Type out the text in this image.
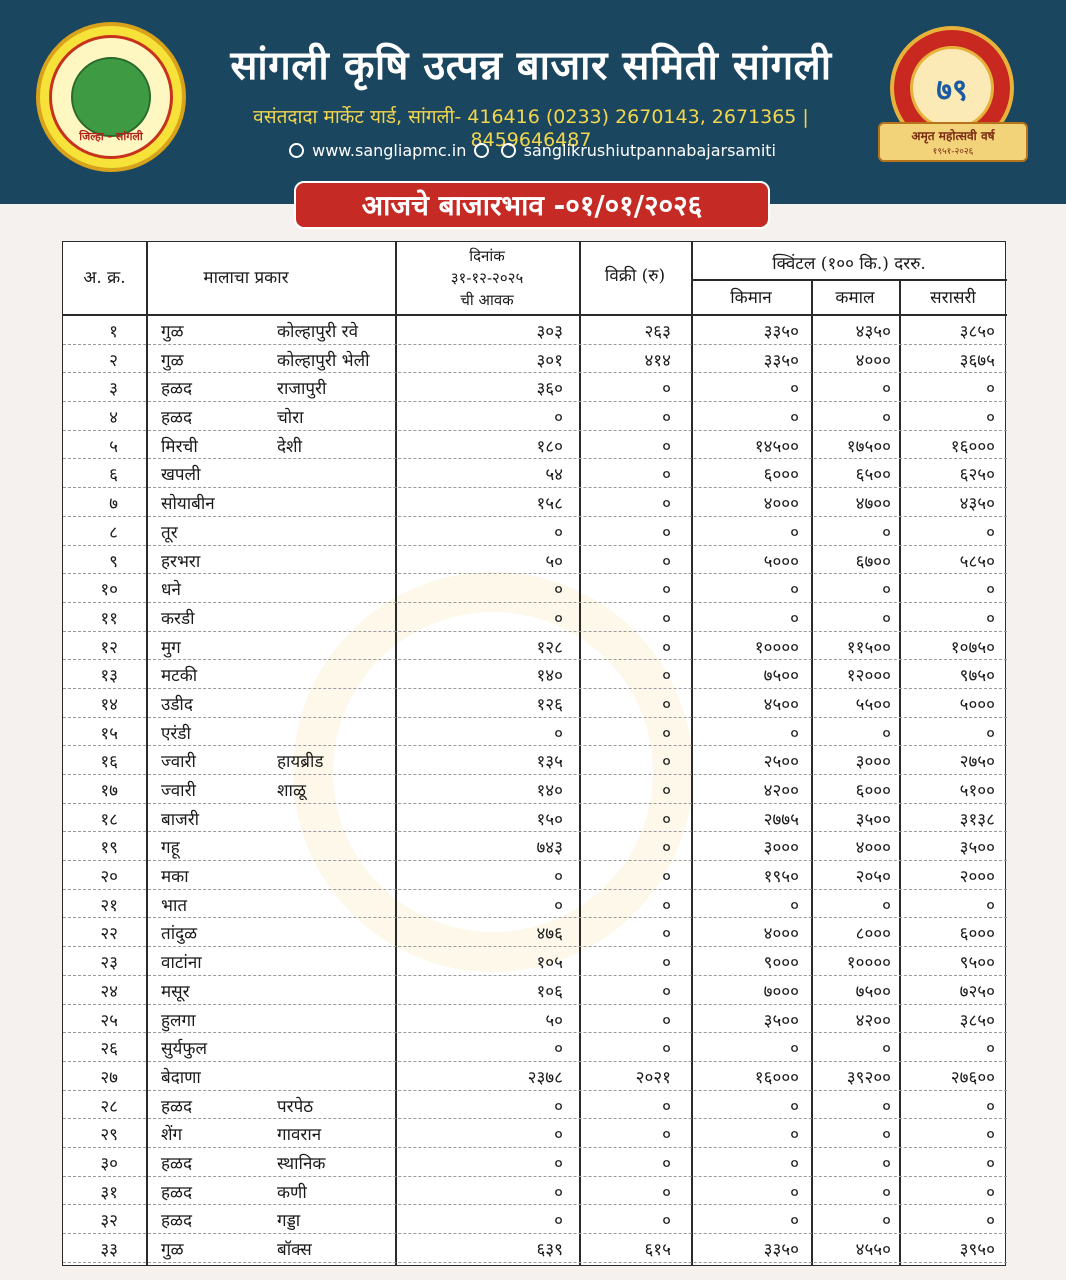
जिल्हा - सांगली
सांगली कृषि उत्पन्न बाजार समिती सांगली
वसंतदादा मार्केट यार्ड, सांगली- 416416 (0233) 2670143, 2671365 | 8459646487
www.sangliapmc.in	sanglikrushiutpannabajarsamiti
७९
अमृत महोत्सवी वर्ष
१९५१-२०२६
आजचे बाजारभाव -०१/०१/२०२६
अ. क्र.	मालाचा प्रकार
दिनांक
३१-१२-२०२५
ची आवक
विक्री (रु)
क्विंटल (१०० कि.) दररु.
किमान	कमाल	सरासरी
१	गुळ	कोल्हापुरी रवे	३०३	२६३	३३५०	४३५०	३८५०
२	गुळ	कोल्हापुरी भेली	३०१	४१४	३३५०	४०००	३६७५
३	हळद	राजापुरी	३६०	०	०	०	०
४	हळद	चोरा	०	०	०	०	०
५	मिरची	देशी	१८०	०	१४५००	१७५००	१६०००
६	खपली	५४	०	६०००	६५००	६२५०
७	सोयाबीन	१५८	०	४०००	४७००	४३५०
८	तूर	०	०	०	०	०
९	हरभरा	५०	०	५०००	६७००	५८५०
१०	धने	०	०	०	०	०
११	करडी	०	०	०	०	०
१२	मुग	१२८	०	१००००	११५००	१०७५०
१३	मटकी	१४०	०	७५००	१२०००	९७५०
१४	उडीद	१२६	०	४५००	५५००	५०००
१५	एरंडी	०	०	०	०	०
१६	ज्वारी	हायब्रीड	१३५	०	२५००	३०००	२७५०
१७	ज्वारी	शाळू	१४०	०	४२००	६०००	५१००
१८	बाजरी	१५०	०	२७७५	३५००	३१३८
१९	गहू	७४३	०	३०००	४०००	३५००
२०	मका	०	०	१९५०	२०५०	२०००
२१	भात	०	०	०	०	०
२२	तांदुळ	४७६	०	४०००	८०००	६०००
२३	वाटांना	१०५	०	९०००	१००००	९५००
२४	मसूर	१०६	०	७०००	७५००	७२५०
२५	हुलगा	५०	०	३५००	४२००	३८५०
२६	सुर्यफुल	०	०	०	०	०
२७	बेदाणा	२३७८	२०२१	१६०००	३९२००	२७६००
२८	हळद	परपेठ	०	०	०	०	०
२९	शेंग	गावरान	०	०	०	०	०
३०	हळद	स्थानिक	०	०	०	०	०
३१	हळद	कणी	०	०	०	०	०
३२	हळद	गड्डा	०	०	०	०	०
३३	गुळ	बॉक्स	६३९	६१५	३३५०	४५५०	३९५०
